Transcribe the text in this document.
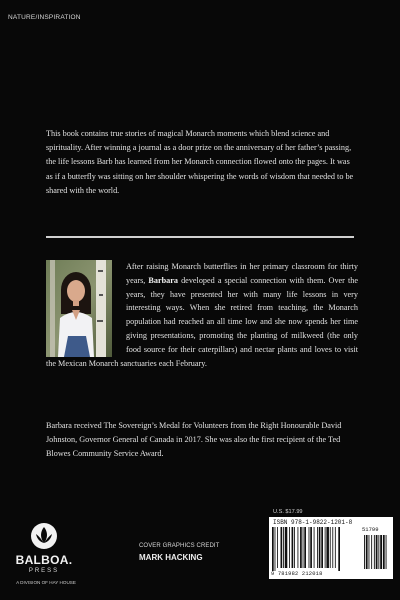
NATURE/INSPIRATION

This book contains true stories of magical Monarch moments which blend science and spirituality. After winning a journal as a door prize on the anniversary of her father’s passing, the life lessons Barb has learned from her Monarch connection flowed onto the pages. It was as if a butterfly was sitting on her shoulder whispering the words of wisdom that needed to be shared with the world.

After raising Monarch butterflies in her primary classroom for thirty years, Barbara developed a special connection with them. Over the years, they have presented her with many life lessons in very interesting ways. When she retired from teaching, the Monarch population had reached an all time low and she now spends her time giving presentations, promoting the planting of milkweed (the only food source for their caterpillars) and nectar plants and loves to visit the Mexican Monarch sanctuaries each February.

Barbara received The Sovereign’s Medal for Volunteers from the Right Honourable David Johnston, Governor General of Canada in 2017. She was also the first recipient of the Ted Blowes Community Service Award.

BALBOA.
PRESS
A DIVISION OF HAY HOUSE
COVER GRAPHICS CREDIT
MARK HACKING
U.S. $17.99
ISBN 978-1-9822-1201-8
51799
9 781982 212018
